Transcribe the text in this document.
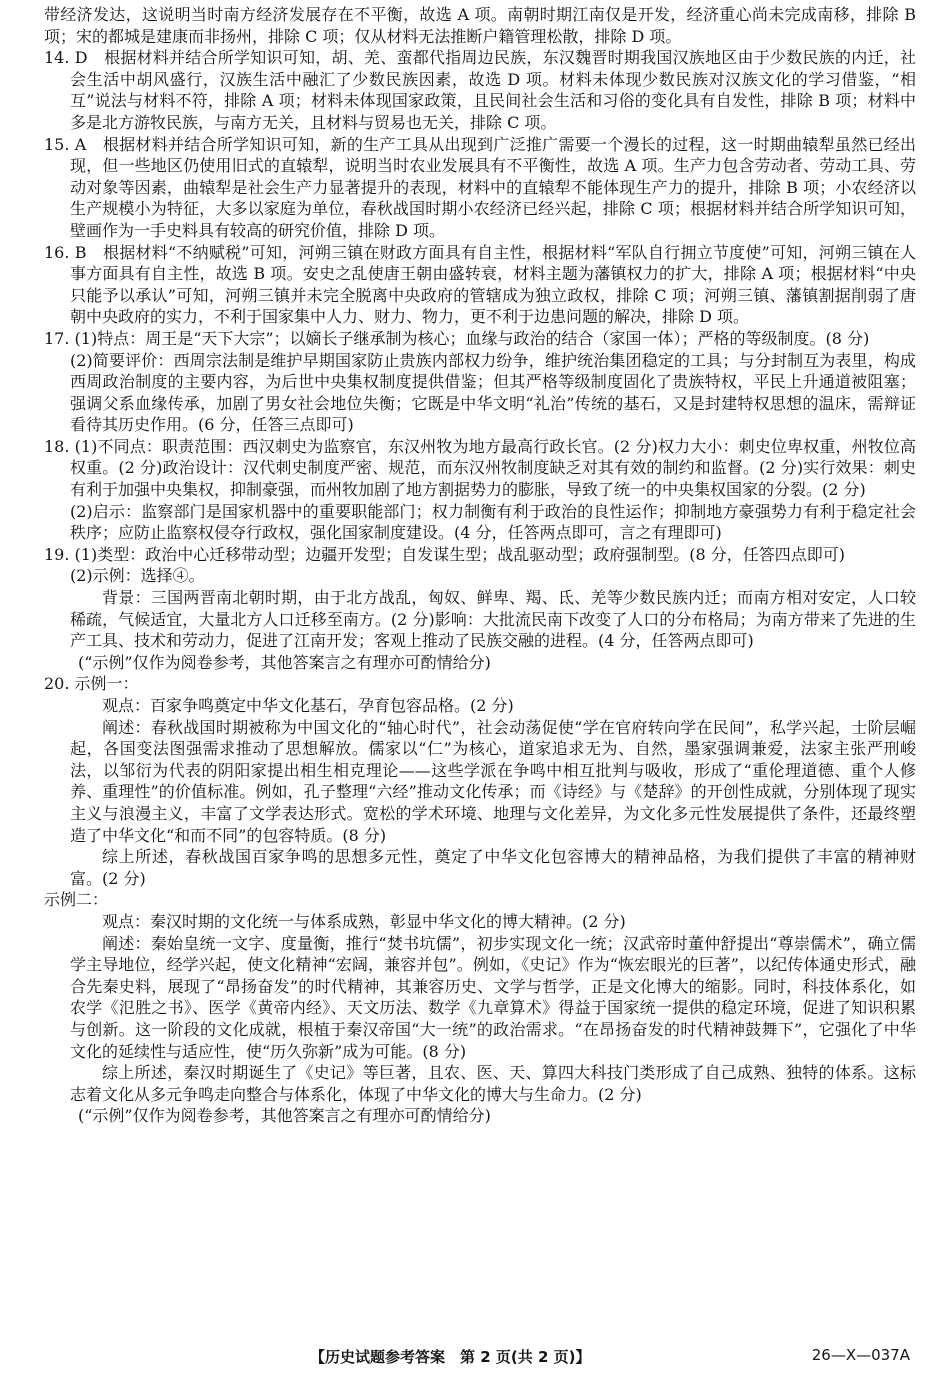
带经济发达，这说明当时南方经济发展存在不平衡，故选 A 项。南朝时期江南仅是开发，经济重心尚未完成南移，排除 B 项；宋的都城是建康而非扬州，排除 C 项；仅从材料无法推断户籍管理松散，排除 D 项。

14. D　根据材料并结合所学知识可知，胡、羌、蛮都代指周边民族，东汉魏晋时期我国汉族地区由于少数民族的内迁，社会生活中胡风盛行，汉族生活中融汇了少数民族因素，故选 D 项。材料未体现少数民族对汉族文化的学习借鉴，“相互”说法与材料不符，排除 A 项；材料未体现国家政策，且民间社会生活和习俗的变化具有自发性，排除 B 项；材料中多是北方游牧民族，与南方无关，且材料与贸易也无关，排除 C 项。

15. A　根据材料并结合所学知识可知，新的生产工具从出现到广泛推广需要一个漫长的过程，这一时期曲辕犁虽然已经出现，但一些地区仍使用旧式的直辕犁，说明当时农业发展具有不平衡性，故选 A 项。生产力包含劳动者、劳动工具、劳动对象等因素，曲辕犁是社会生产力显著提升的表现，材料中的直辕犁不能体现生产力的提升，排除 B 项；小农经济以生产规模小为特征，大多以家庭为单位，春秋战国时期小农经济已经兴起，排除 C 项；根据材料并结合所学知识可知，壁画作为一手史料具有较高的研究价值，排除 D 项。

16. B　根据材料“不纳赋税”可知，河朔三镇在财政方面具有自主性，根据材料“军队自行拥立节度使”可知，河朔三镇在人事方面具有自主性，故选 B 项。安史之乱使唐王朝由盛转衰，材料主题为藩镇权力的扩大，排除 A 项；根据材料“中央只能予以承认”可知，河朔三镇并未完全脱离中央政府的管辖成为独立政权，排除 C 项；河朔三镇、藩镇割据削弱了唐朝中央政府的实力，不利于国家集中人力、财力、物力，更不利于边患问题的解决，排除 D 项。

17. (1)特点：周王是“天下大宗”；以嫡长子继承制为核心；血缘与政治的结合（家国一体）；严格的等级制度。(8 分)

(2)简要评价：西周宗法制是维护早期国家防止贵族内部权力纷争，维护统治集团稳定的工具；与分封制互为表里，构成西周政治制度的主要内容，为后世中央集权制度提供借鉴；但其严格等级制度固化了贵族特权，平民上升通道被阻塞；强调父系血缘传承，加剧了男女社会地位失衡；它既是中华文明“礼治”传统的基石，又是封建特权思想的温床，需辩证看待其历史作用。(6 分，任答三点即可)

18. (1)不同点：职责范围：西汉刺史为监察官，东汉州牧为地方最高行政长官。(2 分)权力大小：刺史位卑权重，州牧位高权重。(2 分)政治设计：汉代刺史制度严密、规范，而东汉州牧制度缺乏对其有效的制约和监督。(2 分)实行效果：刺史有利于加强中央集权，抑制豪强，而州牧加剧了地方割据势力的膨胀，导致了统一的中央集权国家的分裂。(2 分)

(2)启示：监察部门是国家机器中的重要职能部门；权力制衡有利于政治的良性运作；抑制地方豪强势力有利于稳定社会秩序；应防止监察权侵夺行政权，强化国家制度建设。(4 分，任答两点即可，言之有理即可)

19. (1)类型：政治中心迁移带动型；边疆开发型；自发谋生型；战乱驱动型；政府强制型。(8 分，任答四点即可)

(2)示例：选择④。

背景：三国两晋南北朝时期，由于北方战乱，匈奴、鲜卑、羯、氐、羌等少数民族内迁；而南方相对安定，人口较稀疏，气候适宜，大量北方人口迁移至南方。(2 分)影响：大批流民南下改变了人口的分布格局；为南方带来了先进的生产工具、技术和劳动力，促进了江南开发；客观上推动了民族交融的进程。(4 分，任答两点即可)

(“示例”仅作为阅卷参考，其他答案言之有理亦可酌情给分)

20. 示例一：

观点：百家争鸣奠定中华文化基石，孕育包容品格。(2 分)

阐述：春秋战国时期被称为中国文化的“轴心时代”，社会动荡促使“学在官府转向学在民间”，私学兴起，士阶层崛起，各国变法图强需求推动了思想解放。儒家以“仁”为核心，道家追求无为、自然，墨家强调兼爱，法家主张严刑峻法，以邹衍为代表的阴阳家提出相生相克理论——这些学派在争鸣中相互批判与吸收，形成了“重伦理道德、重个人修养、重理性”的价值标准。例如，孔子整理“六经”推动文化传承；而《诗经》与《楚辞》的开创性成就，分别体现了现实主义与浪漫主义，丰富了文学表达形式。宽松的学术环境、地理与文化差异，为文化多元性发展提供了条件，还最终塑造了中华文化“和而不同”的包容特质。(8 分)

综上所述，春秋战国百家争鸣的思想多元性，奠定了中华文化包容博大的精神品格，为我们提供了丰富的精神财富。(2 分)

示例二：

观点：秦汉时期的文化统一与体系成熟，彰显中华文化的博大精神。(2 分)

阐述：秦始皇统一文字、度量衡，推行“焚书坑儒”，初步实现文化一统；汉武帝时董仲舒提出“尊崇儒术”，确立儒学主导地位，经学兴起，使文化精神“宏阔，兼容并包”。例如，《史记》作为“恢宏眼光的巨著”，以纪传体通史形式，融合先秦史料，展现了“昂扬奋发”的时代精神，其兼容历史、文学与哲学，正是文化博大的缩影。同时，科技体系化，如农学《氾胜之书》、医学《黄帝内经》、天文历法、数学《九章算术》得益于国家统一提供的稳定环境，促进了知识积累与创新。这一阶段的文化成就，根植于秦汉帝国“大一统”的政治需求。“在昂扬奋发的时代精神鼓舞下”，它强化了中华文化的延续性与适应性，使“历久弥新”成为可能。(8 分)

综上所述，秦汉时期诞生了《史记》等巨著，且农、医、天、算四大科技门类形成了自己成熟、独特的体系。这标志着文化从多元争鸣走向整合与体系化，体现了中华文化的博大与生命力。(2 分)

(“示例”仅作为阅卷参考，其他答案言之有理亦可酌情给分)

【历史试题参考答案　第 2 页(共 2 页)】	26—X—037A
